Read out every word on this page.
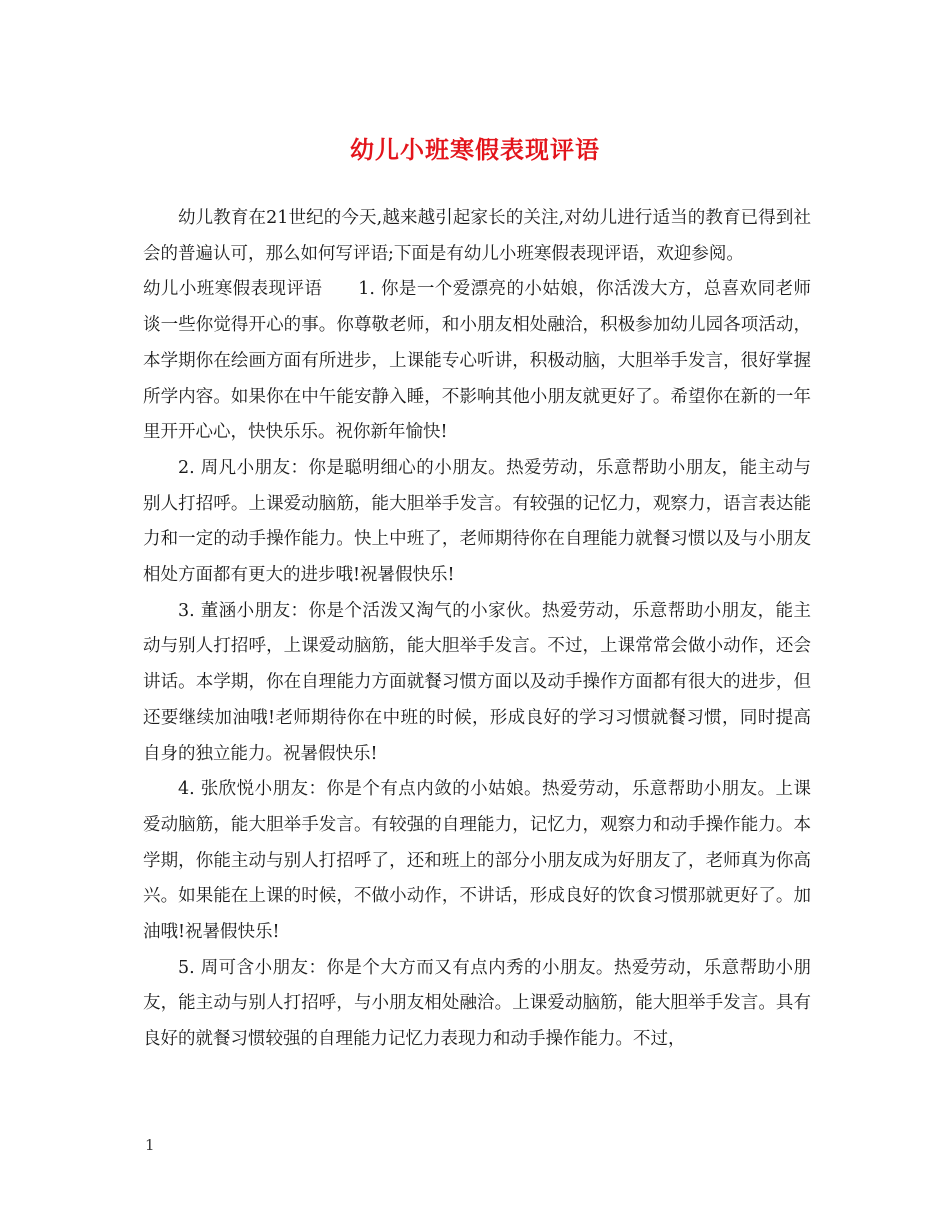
幼儿小班寒假表现评语

幼儿教育在21世纪的今天,越来越引起家长的关注,对幼儿进行适当的教育已得到社会的普遍认可，那么如何写评语;下面是有幼儿小班寒假表现评语，欢迎参阅。

幼儿小班寒假表现评语　　1. 你是一个爱漂亮的小姑娘，你活泼大方，总喜欢同老师谈一些你觉得开心的事。你尊敬老师，和小朋友相处融洽，积极参加幼儿园各项活动，本学期你在绘画方面有所进步，上课能专心听讲，积极动脑，大胆举手发言，很好掌握所学内容。如果你在中午能安静入睡，不影响其他小朋友就更好了。希望你在新的一年里开开心心，快快乐乐。祝你新年愉快!

2. 周凡小朋友：你是聪明细心的小朋友。热爱劳动，乐意帮助小朋友，能主动与别人打招呼。上课爱动脑筋，能大胆举手发言。有较强的记忆力，观察力，语言表达能力和一定的动手操作能力。快上中班了，老师期待你在自理能力就餐习惯以及与小朋友相处方面都有更大的进步哦!祝暑假快乐!

3. 董涵小朋友：你是个活泼又淘气的小家伙。热爱劳动，乐意帮助小朋友，能主动与别人打招呼，上课爱动脑筋，能大胆举手发言。不过，上课常常会做小动作，还会讲话。本学期，你在自理能力方面就餐习惯方面以及动手操作方面都有很大的进步，但还要继续加油哦!老师期待你在中班的时候，形成良好的学习习惯就餐习惯，同时提高自身的独立能力。祝暑假快乐!

4. 张欣悦小朋友：你是个有点内敛的小姑娘。热爱劳动，乐意帮助小朋友。上课爱动脑筋，能大胆举手发言。有较强的自理能力，记忆力，观察力和动手操作能力。本学期，你能主动与别人打招呼了，还和班上的部分小朋友成为好朋友了，老师真为你高兴。如果能在上课的时候，不做小动作，不讲话，形成良好的饮食习惯那就更好了。加油哦!祝暑假快乐!

5. 周可含小朋友：你是个大方而又有点内秀的小朋友。热爱劳动，乐意帮助小朋友，能主动与别人打招呼，与小朋友相处融洽。上课爱动脑筋，能大胆举手发言。具有良好的就餐习惯较强的自理能力记忆力表现力和动手操作能力。不过，

1
